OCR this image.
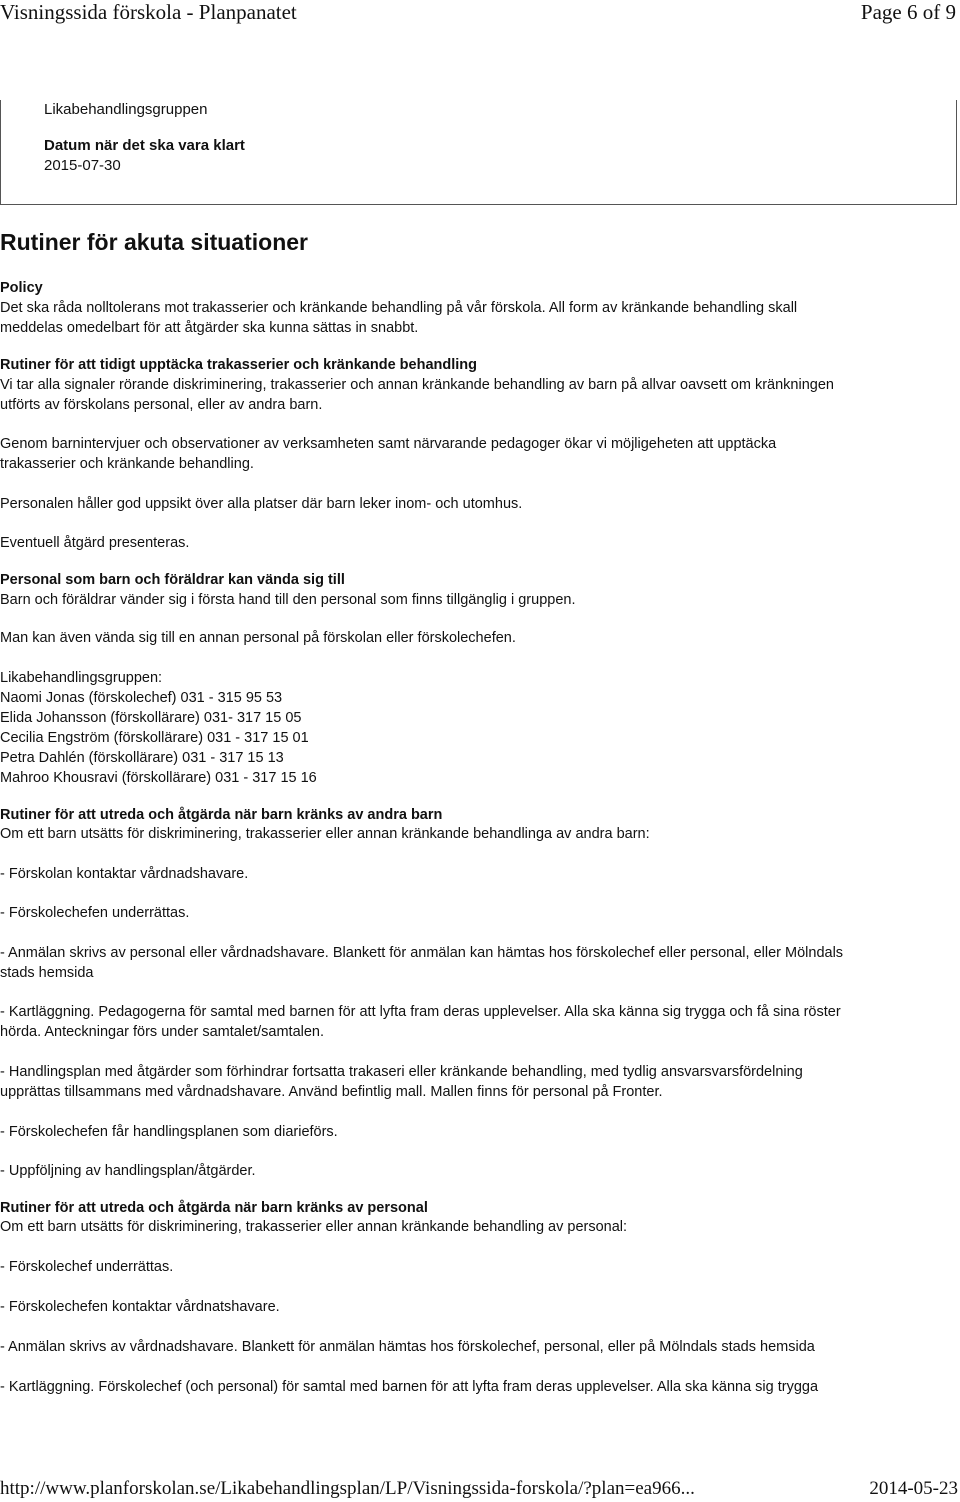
Visningssida förskola - Planpanatet	Page 6 of 9
Likabehandlingsgruppen
Datum när det ska vara klart
2015-07-30
Rutiner för akuta situationer
Policy
Det ska råda nolltolerans mot trakasserier och kränkande behandling på vår förskola. All form av kränkande behandling skall
meddelas omedelbart för att åtgärder ska kunna sättas in snabbt.
Rutiner för att tidigt upptäcka trakasserier och kränkande behandling
Vi tar alla signaler rörande diskriminering, trakasserier och annan kränkande behandling av barn på allvar oavsett om kränkningen
utförts av förskolans personal, eller av andra barn.
Genom barnintervjuer och observationer av verksamheten samt närvarande pedagoger ökar vi möjligeheten att upptäcka
trakasserier och kränkande behandling.
Personalen håller god uppsikt över alla platser där barn leker inom- och utomhus.
Eventuell åtgärd presenteras.
Personal som barn och föräldrar kan vända sig till
Barn och föräldrar vänder sig i första hand till den personal som finns tillgänglig i gruppen.
Man kan även vända sig till en annan personal på förskolan eller förskolechefen.
Likabehandlingsgruppen:
Naomi Jonas (förskolechef) 031 - 315 95 53
Elida Johansson (förskollärare) 031- 317 15 05
Cecilia Engström (förskollärare) 031 - 317 15 01
Petra Dahlén (förskollärare) 031 - 317 15 13
Mahroo Khousravi (förskollärare) 031 - 317 15 16
Rutiner för att utreda och åtgärda när barn kränks av andra barn
Om ett barn utsätts för diskriminering, trakasserier eller annan kränkande behandlinga av andra barn:
- Förskolan kontaktar vårdnadshavare.
- Förskolechefen underrättas.
- Anmälan skrivs av personal eller vårdnadshavare. Blankett för anmälan kan hämtas hos förskolechef eller personal, eller Mölndals
stads hemsida
- Kartläggning. Pedagogerna för samtal med barnen för att lyfta fram deras upplevelser. Alla ska känna sig trygga och få sina röster
hörda. Anteckningar förs under samtalet/samtalen.
- Handlingsplan med åtgärder som förhindrar fortsatta trakaseri eller kränkande behandling, med tydlig ansvarsvarsfördelning
upprättas tillsammans med vårdnadshavare. Använd befintlig mall. Mallen finns för personal på Fronter.
- Förskolechefen får handlingsplanen som diarieförs.
- Uppföljning av handlingsplan/åtgärder.
Rutiner för att utreda och åtgärda när barn kränks av personal
Om ett barn utsätts för diskriminering, trakasserier eller annan kränkande behandling av personal:
- Förskolechef underrättas.
- Förskolechefen kontaktar vårdnatshavare.
- Anmälan skrivs av vårdnadshavare. Blankett för anmälan hämtas hos förskolechef, personal, eller på Mölndals stads hemsida
- Kartläggning. Förskolechef (och personal) för samtal med barnen för att lyfta fram deras upplevelser. Alla ska känna sig trygga
http://www.planforskolan.se/Likabehandlingsplan/LP/Visningssida-forskola/?plan=ea966...	2014-05-23
